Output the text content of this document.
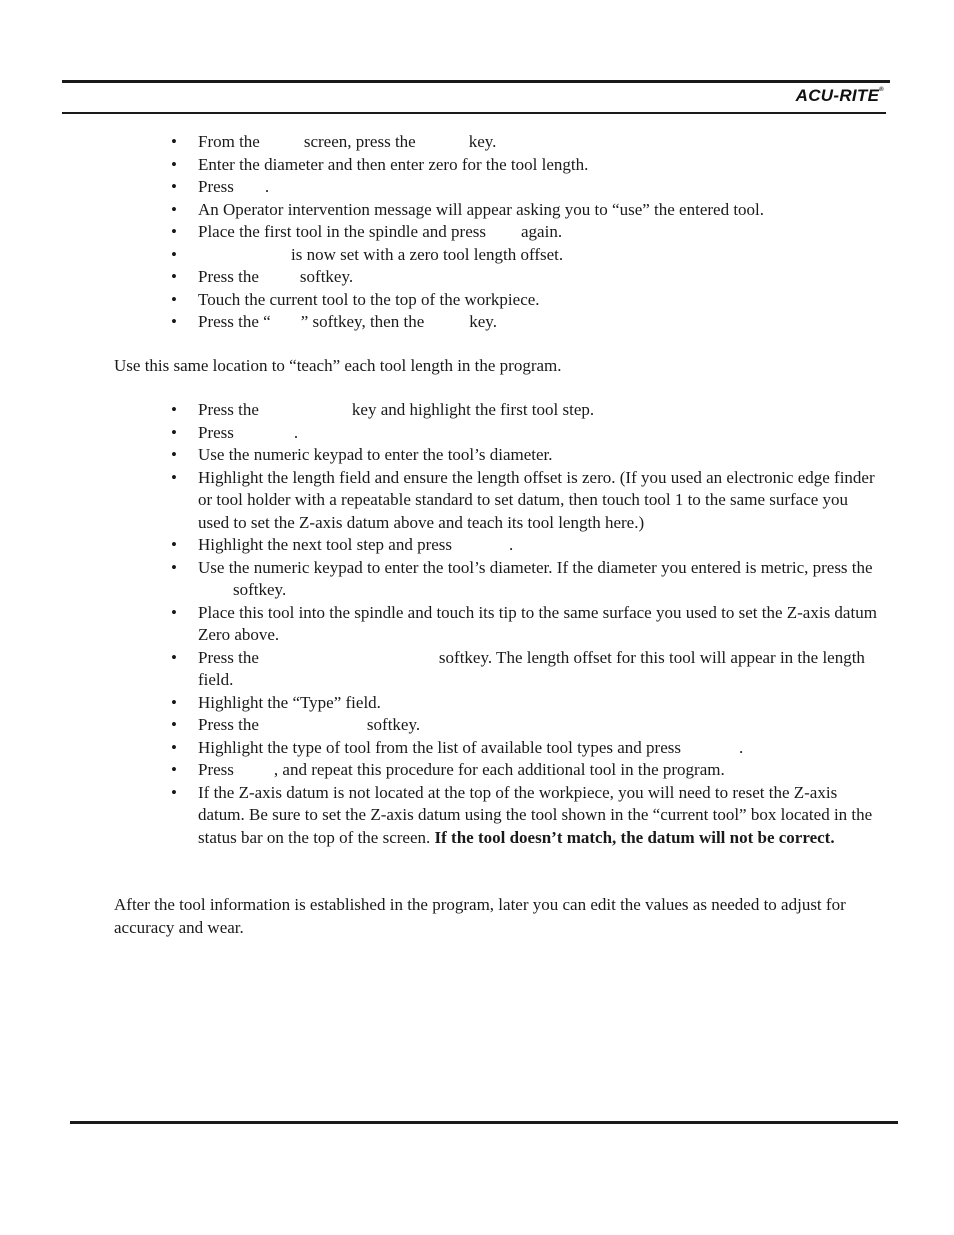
ACU-RITE®
• From the	screen, press the	key.
• Enter the diameter and then enter zero for the tool length.
• Press .
• An Operator intervention message will appear asking you to “use” the entered tool.
• Place the first tool in the spindle and press again.
• is now set with a zero tool length offset.
• Press the softkey.
• Touch the current tool to the top of the workpiece.
• Press the “ ” softkey, then the	key.

Use this same location to “teach” each tool length in the program.

• Press the	key and highlight the first tool step.
• Press	.
• Use the numeric keypad to enter the tool’s diameter.
• Highlight the length field and ensure the length offset is zero. (If you used an electronic edge finder or tool holder with a repeatable standard to set datum, then touch tool 1 to the same surface you used to set the Z-axis datum above and teach its tool length here.)
• Highlight the next tool step and press	.
• Use the numeric keypad to enter the tool’s diameter. If the diameter you entered is metric, press thesoftkey.
• Place this tool into the spindle and touch its tip to the same surface you used to set the Z-axis datum Zero above.
• Press the	softkey. The length offset for this tool will appear in the length field.
• Highlight the “Type” field.
• Press the	softkey.
• Highlight the type of tool from the list of available tool types and press	.
• Press , and repeat this procedure for each additional tool in the program.
• If the Z-axis datum is not located at the top of the workpiece, you will need to reset the Z-axis datum. Be sure to set the Z-axis datum using the tool shown in the “current tool” box located in the status bar on the top of the screen. If the tool doesn’t match, the datum will not be correct.

After the tool information is established in the program, later you can edit the values as needed to adjust for accuracy and wear.
